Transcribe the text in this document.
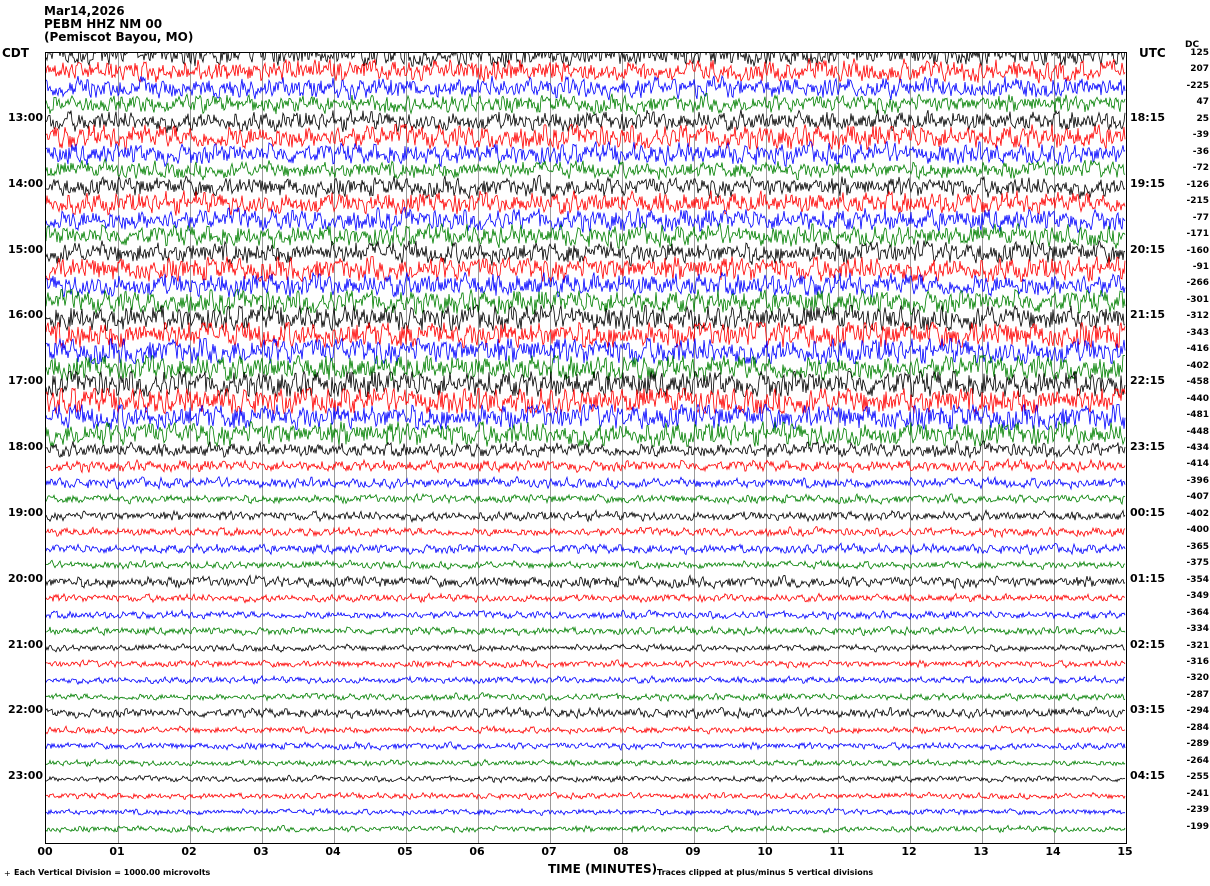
Mar14,2026
PEBM HHZ NM 00
(Pemiscot Bayou, MO)
CDT	UTC
DC
13:00
14:00
15:00
16:00
17:00
18:00
19:00
20:00
21:00
22:00
23:00
18:15
19:15
20:15
21:15
22:15
23:15
00:15
01:15
02:15
03:15
04:15
125
207
-225
47
25
-39
-36
-72
-126
-215
-77
-171
-160
-91
-266
-301
-312
-343
-416
-402
-458
-440
-481
-448
-434
-414
-396
-407
-402
-400
-365
-375
-354
-349
-364
-334
-321
-316
-320
-287
-294
-284
-289
-264
-255
-241
-239
-199
00	01	02	03	04	05	06	07	08	09	10	11	12	13	14	15
TIME (MINUTES)
+ Each Vertical Division = 1000.00 microvolts	Traces clipped at plus/minus 5 vertical divisions
